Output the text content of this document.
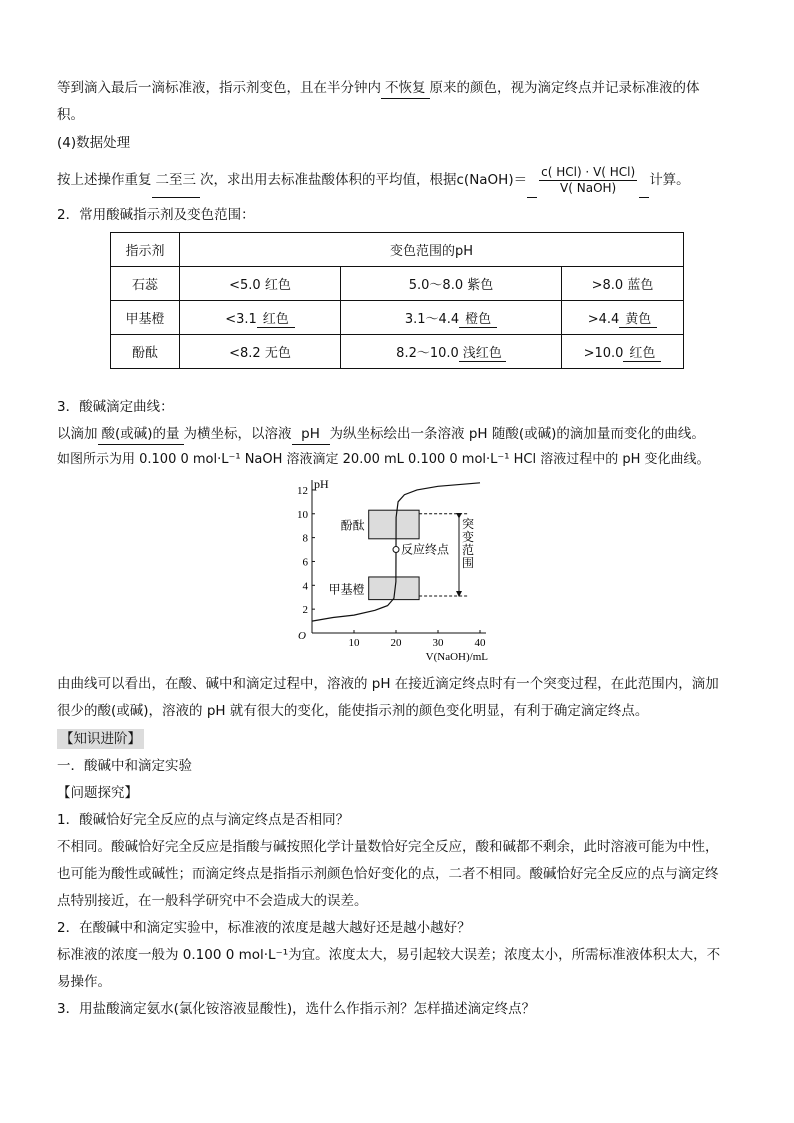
等到滴入最后一滴标准液，指示剂变色，且在半分钟内 不恢复 原来的颜色，视为滴定终点并记录标准液的体
积。
(4)数据处理
按上述操作重复 二至三 次，求出用去标准盐酸体积的平均值，根据c(NaOH)＝ $\frac{\text{c( HCl) · V( HCl)}}{\text{V( NaOH)}}$ 计算。
2．常用酸碱指示剂及变色范围：
指示剂	变色范围的pH		
石蕊	<5.0 红色	5.0～8.0 紫色	>8.0 蓝色
甲基橙	<3.1 红色	3.1～4.4 橙色	>4.4 黄色
酚酞	<8.2 无色	8.2～10.0 浅红色	>10.0 红色
3．酸碱滴定曲线：
以滴加 酸(或碱)的量 为横坐标，以溶液 pH 为纵坐标绘出一条溶液 pH 随酸(或碱)的滴加量而变化的曲线。
如图所示为用 0.100 0 mol·L⁻¹ NaOH 溶液滴定 20.00 mL 0.100 0 mol·L⁻¹ HCl 溶液过程中的 pH 变化曲线。
10	20	30	40
2
4
6
8
10
12
O
pH
V(NaOH)/mL
酚酞
甲基橙
突变范围
反应终点
由曲线可以看出，在酸、碱中和滴定过程中，溶液的 pH 在接近滴定终点时有一个突变过程，在此范围内，滴加
很少的酸(或碱)，溶液的 pH 就有很大的变化，能使指示剂的颜色变化明显，有利于确定滴定终点。
【知识进阶】
一．酸碱中和滴定实验
【问题探究】
1．酸碱恰好完全反应的点与滴定终点是否相同？
不相同。酸碱恰好完全反应是指酸与碱按照化学计量数恰好完全反应，酸和碱都不剩余，此时溶液可能为中性，
也可能为酸性或碱性；而滴定终点是指指示剂颜色恰好变化的点，二者不相同。酸碱恰好完全反应的点与滴定终
点特别接近，在一般科学研究中不会造成大的误差。
2．在酸碱中和滴定实验中，标准液的浓度是越大越好还是越小越好？
标准液的浓度一般为 0.100 0 mol·L⁻¹为宜。浓度太大，易引起较大误差；浓度太小，所需标准液体积太大，不
易操作。
3．用盐酸滴定氨水(氯化铵溶液显酸性)，选什么作指示剂？怎样描述滴定终点？
